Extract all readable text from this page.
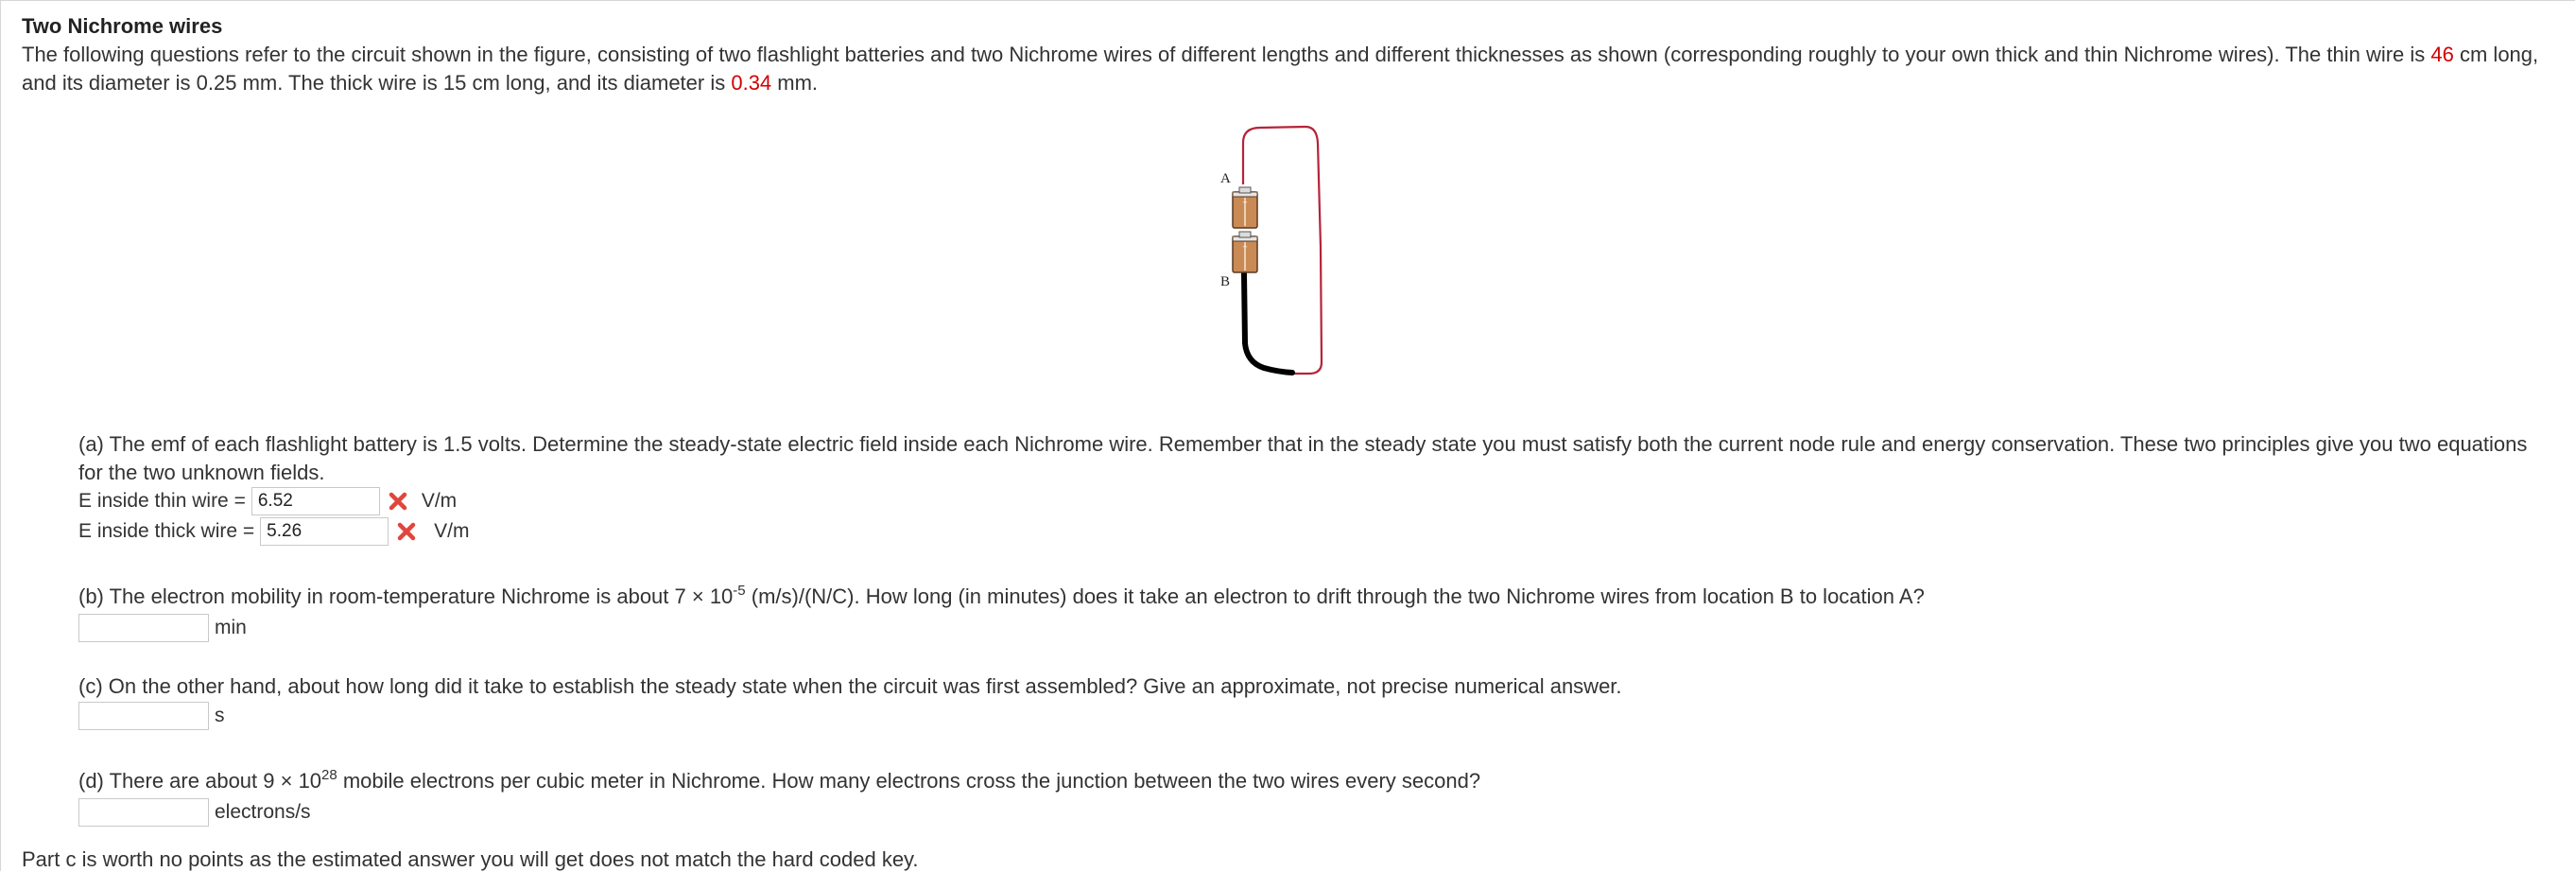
Two Nichrome wires
The following questions refer to the circuit shown in the figure, consisting of two flashlight batteries and two Nichrome wires of different lengths and different thicknesses as shown (corresponding roughly to your own thick and thin Nichrome wires). The thin wire is 46 cm long, and its diameter is 0.25 mm. The thick wire is 15 cm long, and its diameter is 0.34 mm.
+
+
A
B
(a) The emf of each flashlight battery is 1.5 volts. Determine the steady-state electric field inside each Nichrome wire. Remember that in the steady state you must satisfy both the current node rule and energy conservation. These two principles give you two equations for the two unknown fields.
E inside thin wire =
6.52	V/m
E inside thick wire =
5.26	V/m
(b) The electron mobility in room-temperature Nichrome is about $7 \times 10^{-5}$ (m/s)/(N/C). How long (in minutes) does it take an electron to drift through the two Nichrome wires from location B to location A?
min
(c) On the other hand, about how long did it take to establish the steady state when the circuit was first assembled? Give an approximate, not precise numerical answer.
s
(d) There are about $9 \times 10^{28}$ mobile electrons per cubic meter in Nichrome. How many electrons cross the junction between the two wires every second?
electrons/s
Part c is worth no points as the estimated answer you will get does not match the hard coded key.
